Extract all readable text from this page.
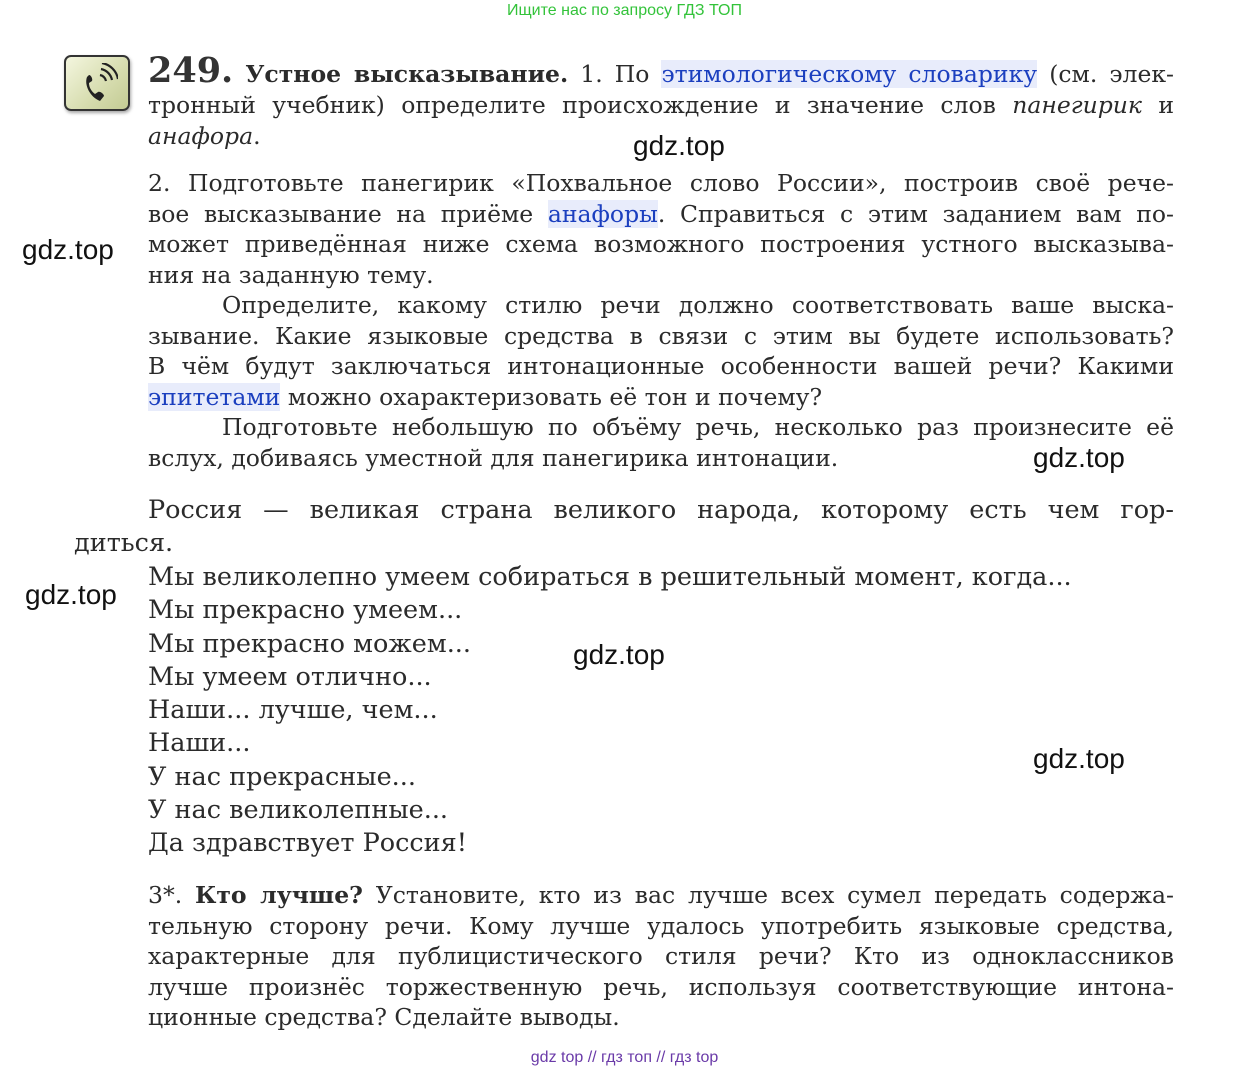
Ищите нас по запросу ГДЗ ТОП
249. Устное высказывание. 1. По этимологическому словарику (см. элек-
тронный учебник) определите происхождение и значение слов панегирик и
анафора.
2. Подготовьте панегирик «Похвальное слово России», построив своё рече-
вое высказывание на приёме анафоры. Справиться с этим заданием вам по-
может приведённая ниже схема возможного построения устного высказыва-
ния на заданную тему.
Определите, какому стилю речи должно соответствовать ваше выска-
зывание. Какие языковые средства в связи с этим вы будете использовать?
В чём будут заключаться интонационные особенности вашей речи? Какими
эпитетами можно охарактеризовать её тон и почему?
Подготовьте небольшую по объёму речь, несколько раз произнесите её
вслух, добиваясь уместной для панегирика интонации.
Россия — великая страна великого народа, которому есть чем гор-
диться.
Мы великолепно умеем собираться в решительный момент, когда...
Мы прекрасно умеем...
Мы прекрасно можем...
Мы умеем отлично...
Наши... лучше, чем...
Наши...
У нас прекрасные...
У нас великолепные...
Да здравствует Россия!
3*. Кто лучше? Установите, кто из вас лучше всех сумел передать содержа-
тельную сторону речи. Кому лучше удалось употребить языковые средства,
характерные для публицистического стиля речи? Кто из одноклассников
лучше произнёс торжественную речь, используя соответствующие интона-
ционные средства? Сделайте выводы.
gdz.top
gdz.top
gdz.top
gdz.top
gdz.top
gdz.top
gdz top // гдз топ // гдз top
